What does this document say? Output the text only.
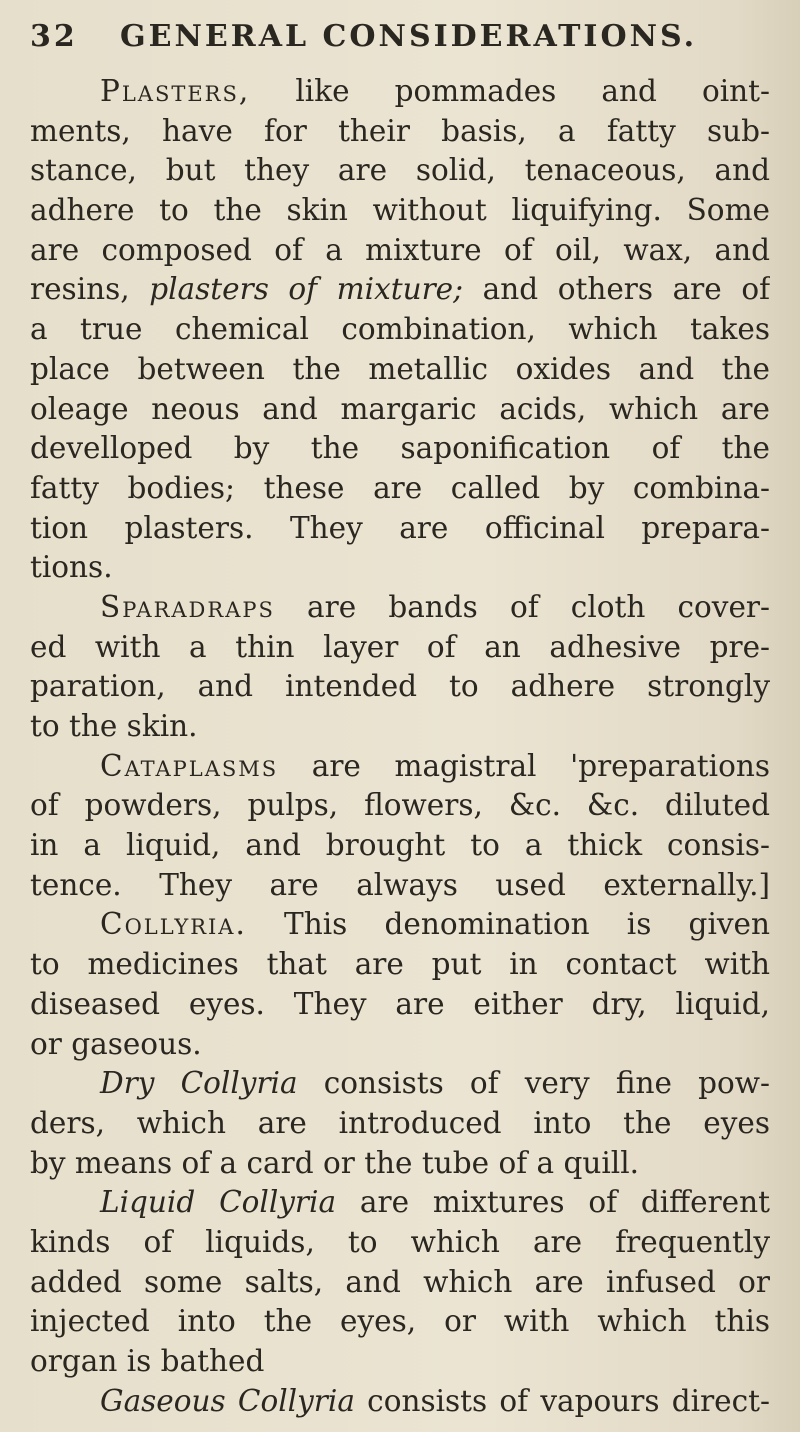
32	GENERAL CONSIDERATIONS.
Plasters, like pommades and oint-
ments, have for their basis, a fatty sub-
stance, but they are solid, tenaceous, and
adhere to the skin without liquifying. Some
are composed of a mixture of oil, wax, and
resins, plasters of mixture; and others are of
a true chemical combination, which takes
place between the metallic oxides and the
oleage neous and margaric acids, which are
develloped by the saponification of the
fatty bodies; these are called by combina-
tion plasters. They are officinal prepara-
tions.
Sparadraps are bands of cloth cover-
ed with a thin layer of an adhesive pre-
paration, and intended to adhere strongly
to the skin.
Cataplasms are magistral 'preparations
of powders, pulps, flowers, &c. &c. diluted
in a liquid, and brought to a thick consis-
tence. They are always used externally.]
Collyria. This denomination is given
to medicines that are put in contact with
diseased eyes. They are either dry, liquid,
or gaseous.
Dry Collyria consists of very fine pow-
ders, which are introduced into the eyes
by means of a card or the tube of a quill.
Liquid Collyria are mixtures of different
kinds of liquids, to which are frequently
added some salts, and which are infused or
injected into the eyes, or with which this
organ is bathed
Gaseous Collyria consists of vapours direct-
